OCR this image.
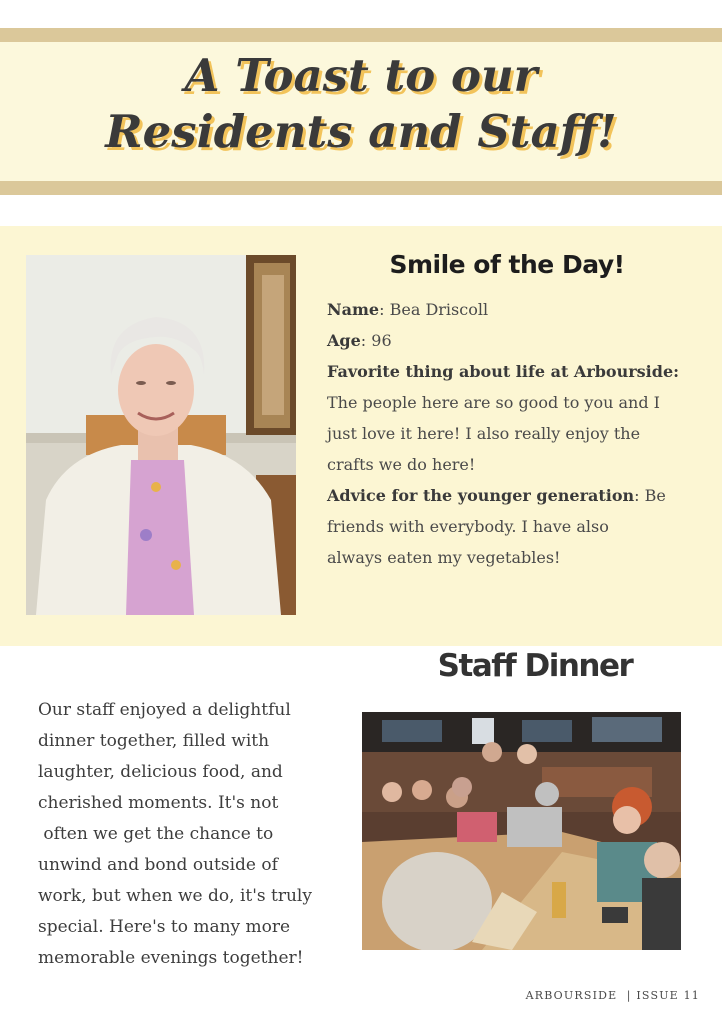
A Toast to our
Residents and Staff!
Smile of the Day!
Name: Bea Driscoll
Age: 96
Favorite thing about life at Arbourside:
The people here are so good to you and I
just love it here! I also really enjoy the
crafts we do here!
Advice for the younger generation: Be
friends with everybody. I have also
always eaten my vegetables!
Staff Dinner
Our staff enjoyed a delightful
dinner together, filled with
laughter, delicious food, and
cherished moments. It's not
often we get the chance to
unwind and bond outside of
work, but when we do, it's truly
special. Here's to many more
memorable evenings together!
ARBOURSIDE  | ISSUE 11
